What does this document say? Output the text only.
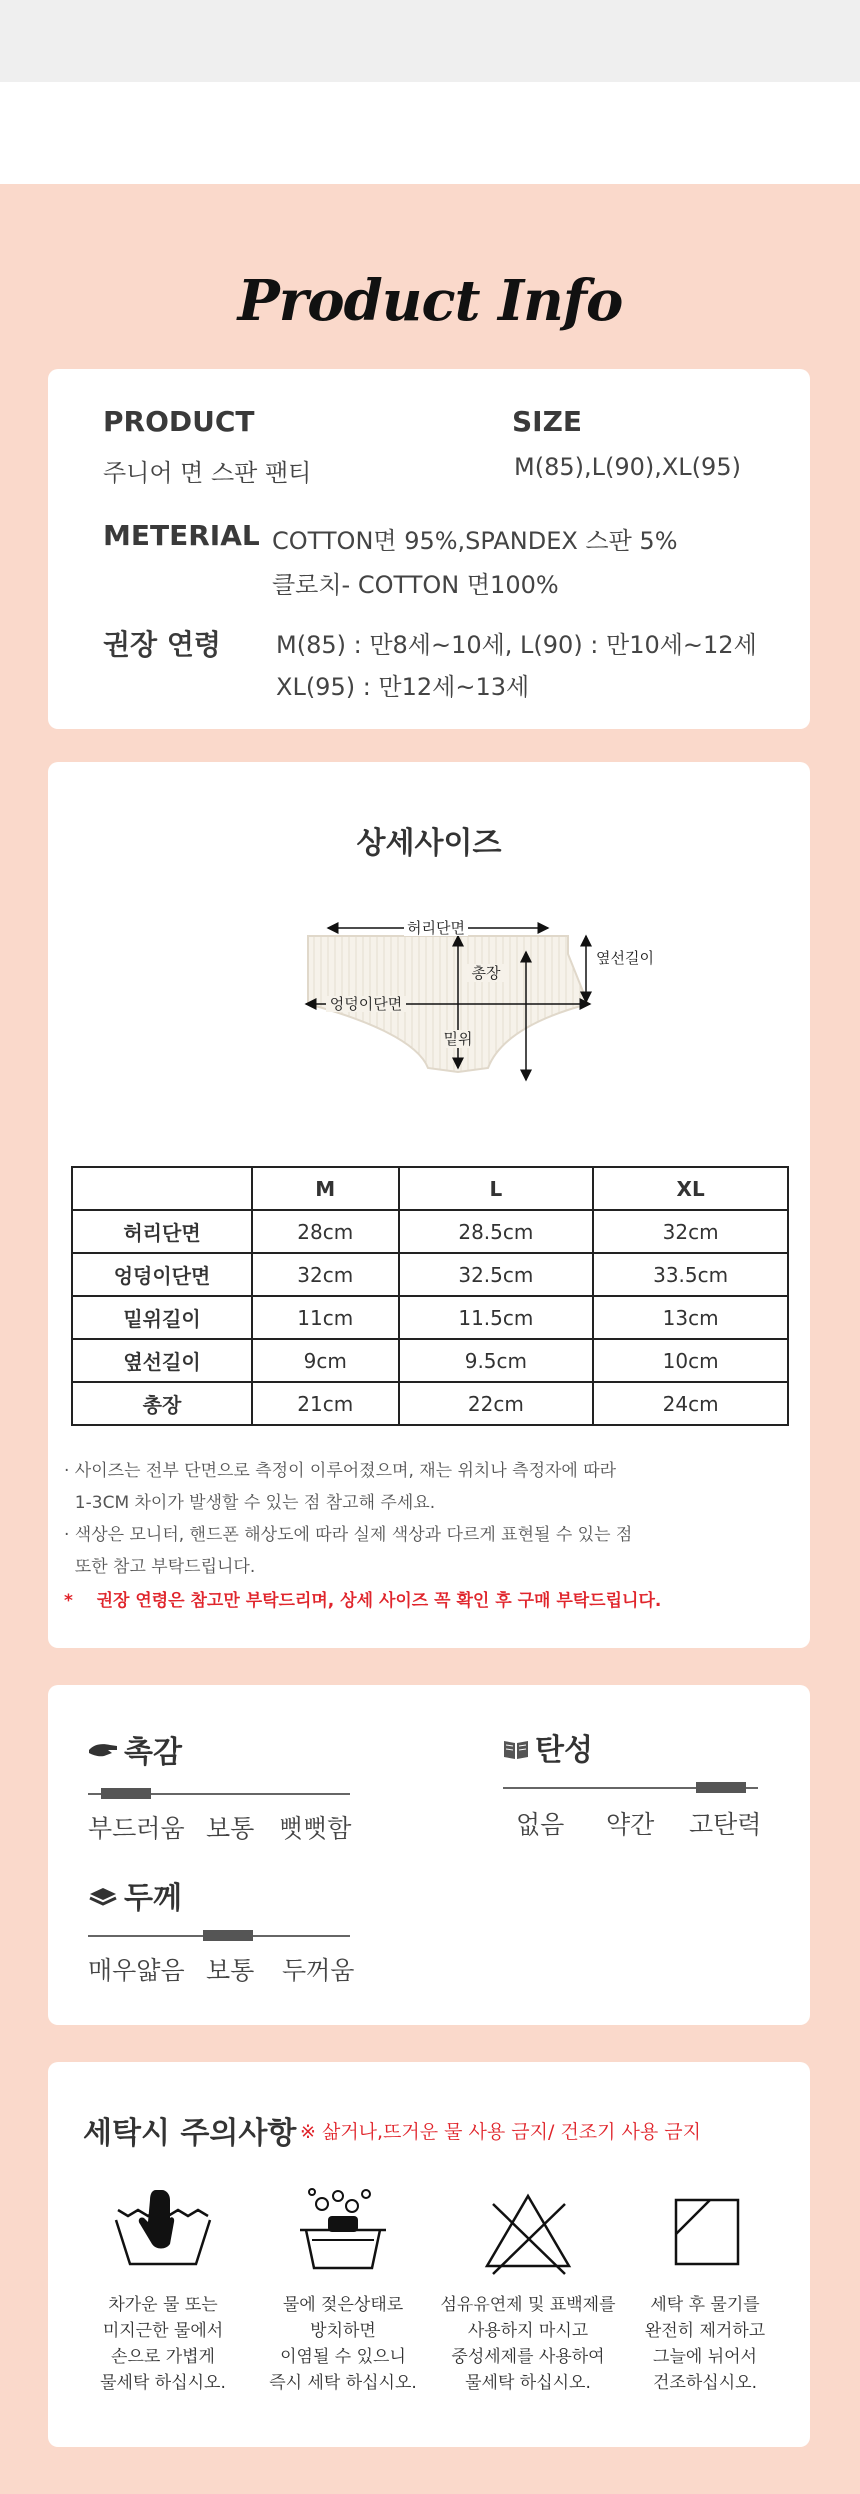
Product Info
PRODUCT
주니어 면 스판 팬티
SIZE
M(85),L(90),XL(95)
METERIAL COTTON면 95%,SPANDEX 스판 5%
클로치- COTTON 면100%
권장 연령 M(85) : 만8세~10세, L(90) : 만10세~12세
XL(95) : 만12세~13세
상세사이즈
허리단면
총장
옆선길이
엉덩이단면
밑위
	M	L	XL
허리단면	28cm	28.5cm	32cm
엉덩이단면	32cm	32.5cm	33.5cm
밑위길이	11cm	11.5cm	13cm
옆선길이	9cm	9.5cm	10cm
총장	21cm	22cm	24cm
· 사이즈는 전부 단면으로 측정이 이루어졌으며, 재는 위치나 측정자에 따라
1-3CM 차이가 발생할 수 있는 점 참고해 주세요.
· 색상은 모니터, 핸드폰 해상도에 따라 실제 색상과 다르게 표현될 수 있는 점
또한 참고 부탁드립니다.
*    권장 연령은 참고만 부탁드리며, 상세 사이즈 꼭 확인 후 구매 부탁드립니다.
촉감
부드러움 보통 뻣뻣함
탄성
없음 약간 고탄력
두께
매우얇음 보통 두꺼움
세탁시 주의사항 ※ 삶거나,뜨거운 물 사용 금지/ 건조기 사용 금지
차가운 물 또는
미지근한 물에서
손으로 가볍게
물세탁 하십시오.
물에 젖은상태로
방치하면
이염될 수 있으니
즉시 세탁 하십시오.
섬유유연제 및 표백제를
사용하지 마시고
중성세제를 사용하여
물세탁 하십시오.
세탁 후 물기를
완전히 제거하고
그늘에 뉘어서
건조하십시오.
